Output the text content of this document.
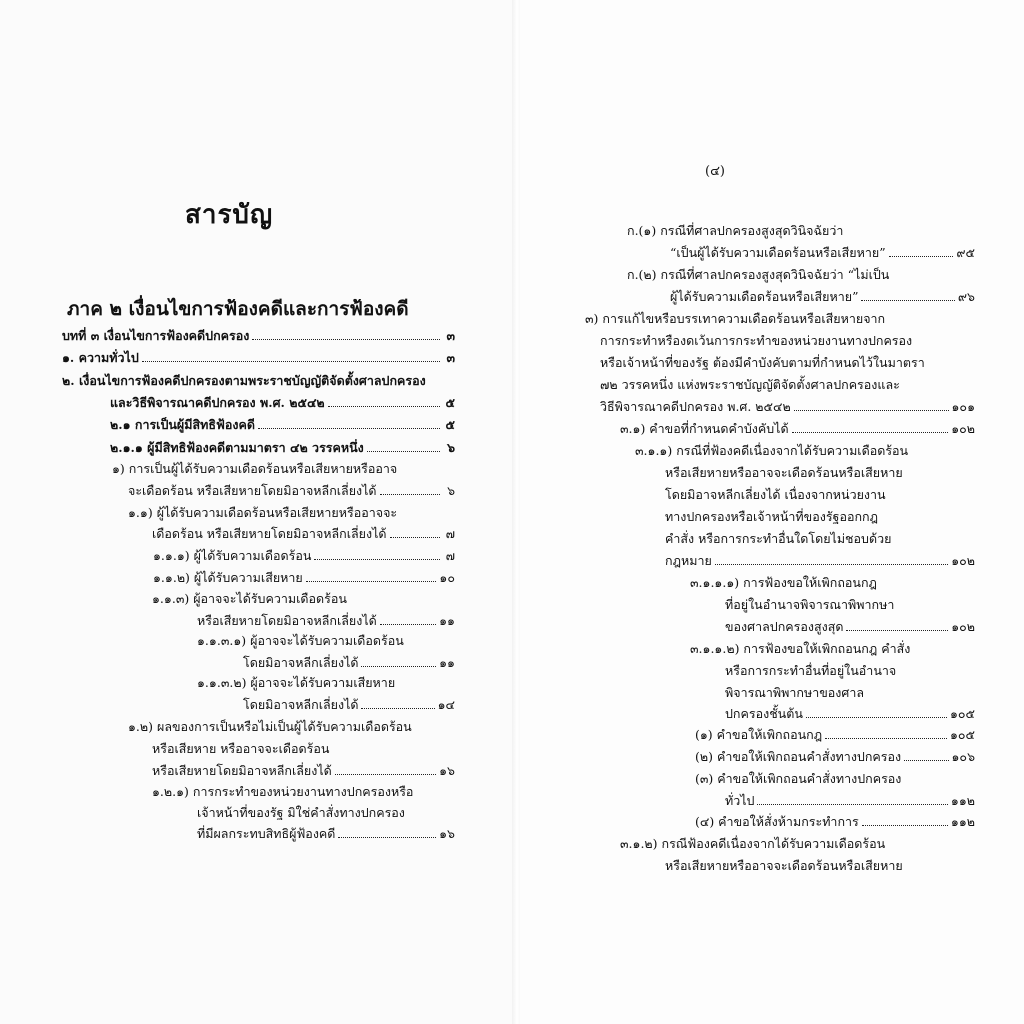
สารบัญ
ภาค ๒ เงื่อนไขการฟ้องคดีและการฟ้องคดี
บทที่ ๓ เงื่อนไขการฟ้องคดีปกครอง	๓
๑. ความทั่วไป	๓
๒. เงื่อนไขการฟ้องคดีปกครองตามพระราชบัญญัติจัดตั้งศาลปกครอง
และวิธีพิจารณาคดีปกครอง พ.ศ. ๒๕๔๒	๕
๒.๑ การเป็นผู้มีสิทธิฟ้องคดี	๕
๒.๑.๑ ผู้มีสิทธิฟ้องคดีตามมาตรา ๔๒ วรรคหนึ่ง	๖
๑) การเป็นผู้ได้รับความเดือดร้อนหรือเสียหายหรืออาจ
จะเดือดร้อน หรือเสียหายโดยมิอาจหลีกเลี่ยงได้	๖
๑.๑) ผู้ได้รับความเดือดร้อนหรือเสียหายหรืออาจจะ
เดือดร้อน หรือเสียหายโดยมิอาจหลีกเลี่ยงได้	๗
๑.๑.๑) ผู้ได้รับความเดือดร้อน	๗
๑.๑.๒) ผู้ได้รับความเสียหาย	๑๐
๑.๑.๓) ผู้อาจจะได้รับความเดือดร้อน
หรือเสียหายโดยมิอาจหลีกเลี่ยงได้	๑๑
๑.๑.๓.๑) ผู้อาจจะได้รับความเดือดร้อน
โดยมิอาจหลีกเลี่ยงได้	๑๑
๑.๑.๓.๒) ผู้อาจจะได้รับความเสียหาย
โดยมิอาจหลีกเลี่ยงได้	๑๔
๑.๒) ผลของการเป็นหรือไม่เป็นผู้ได้รับความเดือดร้อน
หรือเสียหาย หรืออาจจะเดือดร้อน
หรือเสียหายโดยมิอาจหลีกเลี่ยงได้	๑๖
๑.๒.๑) การกระทำของหน่วยงานทางปกครองหรือ
เจ้าหน้าที่ของรัฐ มิใช่คำสั่งทางปกครอง
ที่มีผลกระทบสิทธิผู้ฟ้องคดี	๑๖
(๔)
ก.(๑) กรณีที่ศาลปกครองสูงสุดวินิจฉัยว่า
“เป็นผู้ได้รับความเดือดร้อนหรือเสียหาย”	๙๕
ก.(๒) กรณีที่ศาลปกครองสูงสุดวินิจฉัยว่า “ไม่เป็น
ผู้ได้รับความเดือดร้อนหรือเสียหาย”	๙๖
๓) การแก้ไขหรือบรรเทาความเดือดร้อนหรือเสียหายจาก
การกระทำหรืองดเว้นการกระทำของหน่วยงานทางปกครอง
หรือเจ้าหน้าที่ของรัฐ ต้องมีคำบังคับตามที่กำหนดไว้ในมาตรา
๗๒ วรรคหนึ่ง แห่งพระราชบัญญัติจัดตั้งศาลปกครองและ
วิธีพิจารณาคดีปกครอง พ.ศ. ๒๕๔๒	๑๐๑
๓.๑) คำขอที่กำหนดคำบังคับได้	๑๐๒
๓.๑.๑) กรณีที่ฟ้องคดีเนื่องจากได้รับความเดือดร้อน
หรือเสียหายหรืออาจจะเดือดร้อนหรือเสียหาย
โดยมิอาจหลีกเลี่ยงได้ เนื่องจากหน่วยงาน
ทางปกครองหรือเจ้าหน้าที่ของรัฐออกกฎ
คำสั่ง หรือการกระทำอื่นใดโดยไม่ชอบด้วย
กฎหมาย	๑๐๒
๓.๑.๑.๑) การฟ้องขอให้เพิกถอนกฎ
ที่อยู่ในอำนาจพิจารณาพิพากษา
ของศาลปกครองสูงสุด	๑๐๒
๓.๑.๑.๒) การฟ้องขอให้เพิกถอนกฎ คำสั่ง
หรือการกระทำอื่นที่อยู่ในอำนาจ
พิจารณาพิพากษาของศาล
ปกครองชั้นต้น	๑๐๕
(๑) คำขอให้เพิกถอนกฎ	๑๐๕
(๒) คำขอให้เพิกถอนคำสั่งทางปกครอง	๑๐๖
(๓) คำขอให้เพิกถอนคำสั่งทางปกครอง
ทั่วไป	๑๑๒
(๔) คำขอให้สั่งห้ามกระทำการ	๑๑๒
๓.๑.๒) กรณีฟ้องคดีเนื่องจากได้รับความเดือดร้อน
หรือเสียหายหรืออาจจะเดือดร้อนหรือเสียหาย
